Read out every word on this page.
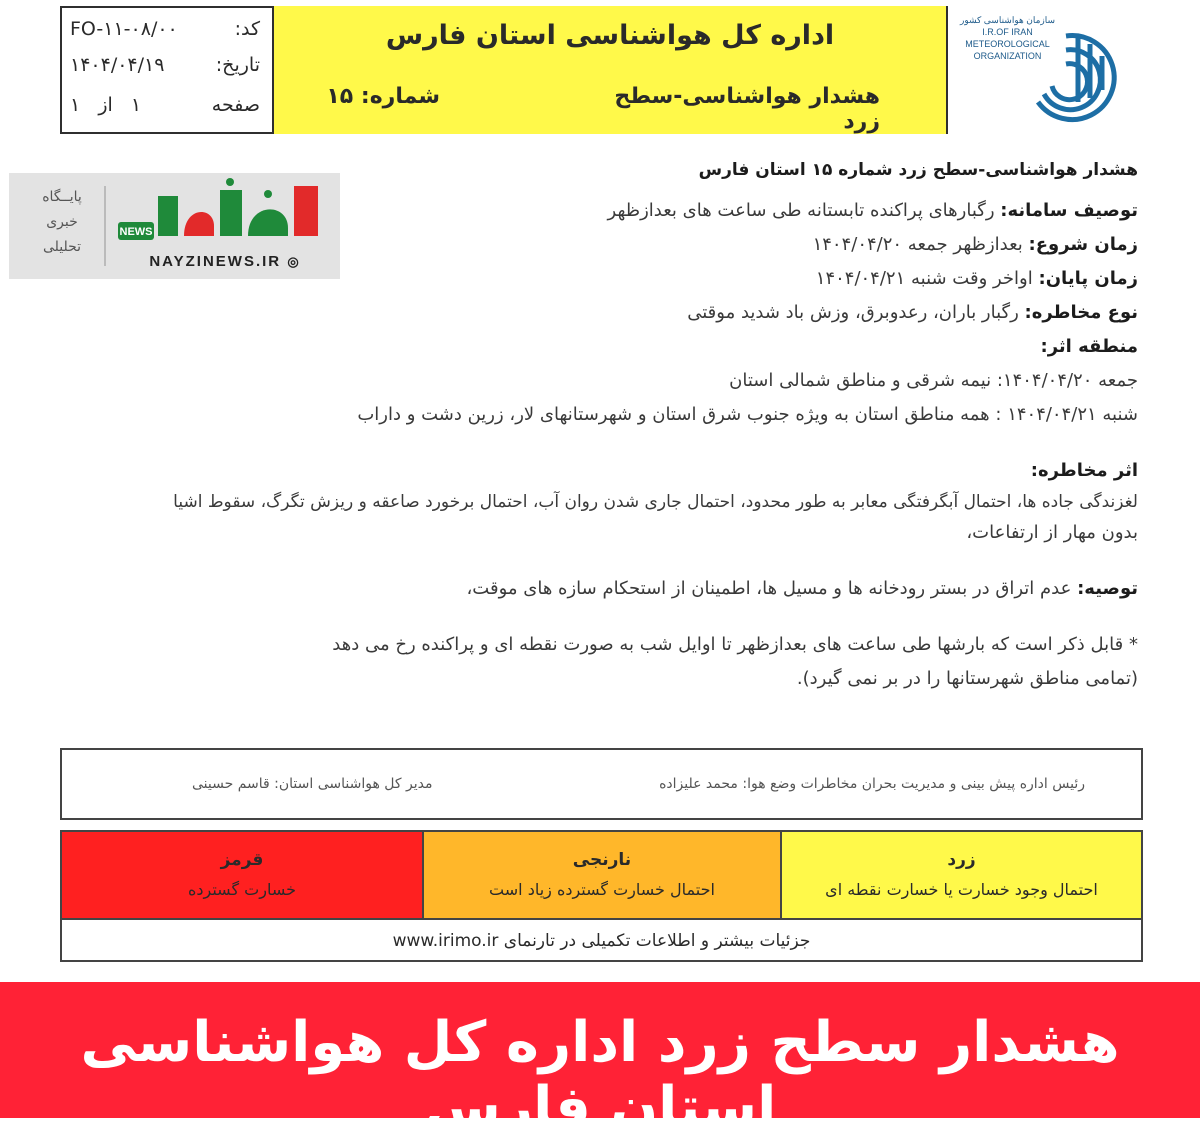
سازمان هواشناسی کشور
I.R.OF IRAN
METEOROLOGICAL
ORGANIZATION
اداره کل هواشناسی استان فارس
هشدار هواشناسی-سطح زرد
شماره: ۱۵
کد:
FO-۱۱-۰۸/۰۰
تاریخ:
۱۴۰۴/۰۴/۱۹
صفحه
۱   از   ۱
پایــگاه
خبری
تحلیلی
NEWS
NAYZINEWS.IR ◎
هشدار هواشناسی-سطح زرد شماره ۱۵ استان فارس
توصیف سامانه: رگبارهای پراکنده تابستانه طی ساعت های بعدازظهر
زمان شروع: بعدازظهر جمعه ۱۴۰۴/۰۴/۲۰
زمان پایان: اواخر وقت شنبه ۱۴۰۴/۰۴/۲۱
نوع مخاطره: رگبار باران، رعدوبرق، وزش باد شدید موقتی
منطقه اثر:
جمعه ۱۴۰۴/۰۴/۲۰: نیمه شرقی و مناطق شمالی استان
شنبه ۱۴۰۴/۰۴/۲۱ : همه مناطق استان به ویژه جنوب شرق استان و شهرستانهای لار، زرین دشت و داراب
اثر مخاطره:
لغزندگی جاده ها، احتمال آبگرفتگی معابر به طور محدود، احتمال جاری شدن روان آب، احتمال برخورد صاعقه و ریزش تگرگ، سقوط اشیا
بدون مهار از ارتفاعات،
توصیه: عدم اتراق در بستر رودخانه ها و مسیل ها، اطمینان از استحکام سازه های موقت،
* قابل ذکر است که بارشها طی ساعت های بعدازظهر تا اوایل شب به صورت نقطه ای و پراکنده رخ می دهد
(تمامی مناطق شهرستانها را در بر نمی گیرد).
رئیس اداره پیش بینی و مدیریت بحران مخاطرات وضع هوا: محمد علیزاده
مدیر کل هواشناسی استان: قاسم حسینی
زرد
احتمال وجود خسارت یا خسارت نقطه ای
نارنجی
احتمال خسارت گسترده زیاد است
قرمز
خسارت گسترده
جزئیات بیشتر و اطلاعات تکمیلی در تارنمای www.irimo.ir
هشدار سطح زرد اداره کل هواشناسی استان فارس
